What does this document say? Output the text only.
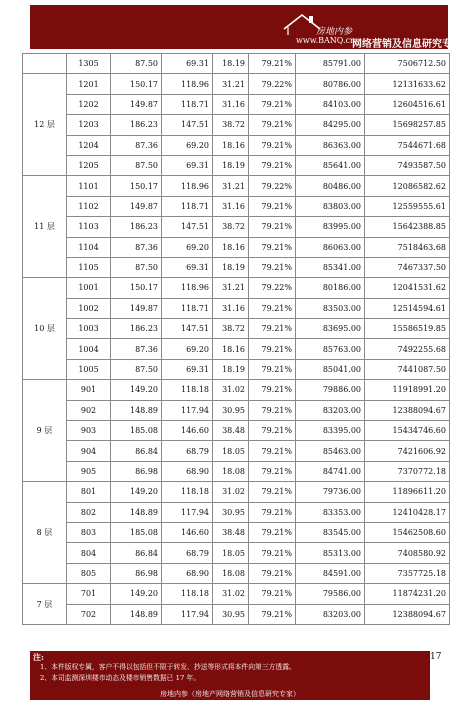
房地内参
www.BANQ.cn
网络营销及信息研究专家
	1305	87.50	69.31	18.19	79.21%	85791.00	7506712.50
12 层	1201	150.17	118.96	31.21	79.22%	80786.00	12131633.62
	1202	149.87	118.71	31.16	79.21%	84103.00	12604516.61
	1203	186.23	147.51	38.72	79.21%	84295.00	15698257.85
	1204	87.36	69.20	18.16	79.21%	86363.00	7544671.68
	1205	87.50	69.31	18.19	79.21%	85641.00	7493587.50
11 层	1101	150.17	118.96	31.21	79.22%	80486.00	12086582.62
	1102	149.87	118.71	31.16	79.21%	83803.00	12559555.61
	1103	186.23	147.51	38.72	79.21%	83995.00	15642388.85
	1104	87.36	69.20	18.16	79.21%	86063.00	7518463.68
	1105	87.50	69.31	18.19	79.21%	85341.00	7467337.50
10 层	1001	150.17	118.96	31.21	79.22%	80186.00	12041531.62
	1002	149.87	118.71	31.16	79.21%	83503.00	12514594.61
	1003	186.23	147.51	38.72	79.21%	83695.00	15586519.85
	1004	87.36	69.20	18.16	79.21%	85763.00	7492255.68
	1005	87.50	69.31	18.19	79.21%	85041.00	7441087.50
9 层	901	149.20	118.18	31.02	79.21%	79886.00	11918991.20
	902	148.89	117.94	30.95	79.21%	83203.00	12388094.67
	903	185.08	146.60	38.48	79.21%	83395.00	15434746.60
	904	86.84	68.79	18.05	79.21%	85463.00	7421606.92
	905	86.98	68.90	18.08	79.21%	84741.00	7370772.18
8 层	801	149.20	118.18	31.02	79.21%	79736.00	11896611.20
	802	148.89	117.94	30.95	79.21%	83353.00	12410428.17
	803	185.08	146.60	38.48	79.21%	83545.00	15462508.60
	804	86.84	68.79	18.05	79.21%	85313.00	7408580.92
	805	86.98	68.90	18.08	79.21%	84591.00	7357725.18
7 层	701	149.20	118.18	31.02	79.21%	79586.00	11874231.20
	702	148.89	117.94	30.95	79.21%	83203.00	12388094.67
17
注:
1、本件版权专属，客户不得以包括但不限于转发、抄送等形式将本件向第三方透露。
2、本司监测深圳楼市动态及楼市销售数据已 17 年。
房地内参（房地产网络营销及信息研究专家）
